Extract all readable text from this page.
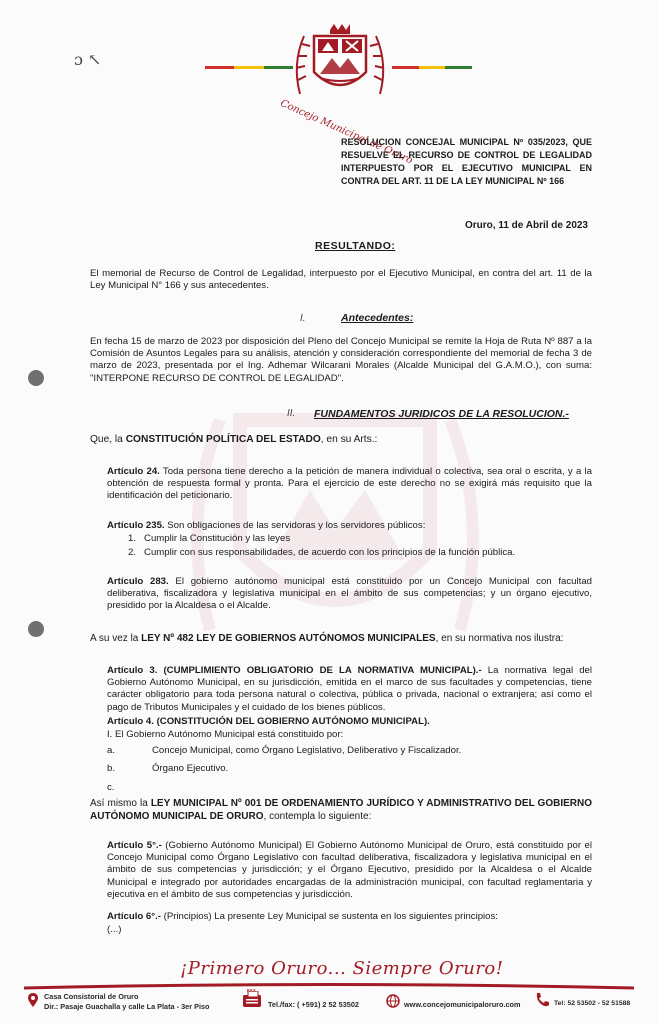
ɔ ↖
Concejo Municipal de Oruro
RESOLUCION CONCEJAL MUNICIPAL Nº 035/2023, QUE RESUELVE EL RECURSO DE CONTROL DE LEGALIDAD INTERPUESTO POR EL EJECUTIVO MUNICIPAL EN CONTRA DEL ART. 11 DE LA LEY MUNICIPAL Nº 166
Oruro, 11 de Abril de 2023
RESULTANDO:
El memorial de Recurso de Control de Legalidad, interpuesto por el Ejecutivo Municipal, en contra del art. 11 de la Ley Municipal N° 166 y sus antecedentes.
I.	Antecedentes:
En fecha 15 de marzo de 2023 por disposición del Pleno del Concejo Municipal se remite la Hoja de Ruta Nº 887 a la Comisión de Asuntos Legales para su análisis, atención y consideración correspondiente del memorial de fecha 3 de marzo de 2023, presentada por el Ing. Adhemar Wilcarani Morales (Alcalde Municipal del G.A.M.O.), con suma: "INTERPONE RECURSO DE CONTROL DE LEGALIDAD".
II. FUNDAMENTOS JURIDICOS DE LA RESOLUCION.-
Que, la CONSTITUCIÓN POLÍTICA DEL ESTADO, en su Arts.:
Artículo 24. Toda persona tiene derecho a la petición de manera individual o colectiva, sea oral o escrita, y a la obtención de respuesta formal y pronta. Para el ejercicio de este derecho no se exigirá más requisito que la identificación del peticionario.
Artículo 235. Son obligaciones de las servidoras y los servidores públicos:
1. Cumplir la Constitución y las leyes
2. Cumplir con sus responsabilidades, de acuerdo con los principios de la función pública.
Artículo 283. El gobierno autónomo municipal está constituido por un Concejo Municipal con facultad deliberativa, fiscalizadora y legislativa municipal en el ámbito de sus competencias; y un órgano ejecutivo, presidido por la Alcaldesa o el Alcalde.
A su vez la LEY Nº 482 LEY DE GOBIERNOS AUTÓNOMOS MUNICIPALES, en su normativa nos ilustra:
Artículo 3. (CUMPLIMIENTO OBLIGATORIO DE LA NORMATIVA MUNICIPAL).- La normativa legal del Gobierno Autónomo Municipal, en su jurisdicción, emitida en el marco de sus facultades y competencias, tiene carácter obligatorio para toda persona natural o colectiva, pública o privada, nacional o extranjera; así como el pago de Tributos Municipales y el cuidado de los bienes públicos.
Artículo 4. (CONSTITUCIÓN DEL GOBIERNO AUTÓNOMO MUNICIPAL).
I. El Gobierno Autónomo Municipal está constituido por:
a.	Concejo Municipal, como Órgano Legislativo, Deliberativo y Fiscalizador.
b.	Órgano Ejecutivo.
c.
Así mismo la LEY MUNICIPAL Nº 001 DE ORDENAMIENTO JURÍDICO Y ADMINISTRATIVO DEL GOBIERNO AUTÓNOMO MUNICIPAL DE ORURO, contempla lo siguiente:
Artículo 5°.- (Gobierno Autónomo Municipal) El Gobierno Autónomo Municipal de Oruro, está constituido por el Concejo Municipal como Órgano Legislativo con facultad deliberativa, fiscalizadora y legislativa municipal en el ámbito de sus competencias y jurisdicción; y el Órgano Ejecutivo, presidido por la Alcaldesa o el Alcalde Municipal e integrado por autoridades encargadas de la administración municipal, con facultad reglamentaria y ejecutiva en el ámbito de sus competencias y jurisdicción.
Artículo 6°.- (Principios) La presente Ley Municipal se sustenta en los siguientes principios:
(...)
¡Primero Oruro... Siempre Oruro!
Casa Consistorial de Oruro
Dir.: Pasaje Guachalla y calle La Plata - 3er Piso
FAX
Tel./fax: ( +591) 2 52 53502	www.concejomunicipaloruro.com	Tel: 52 53502 - 52 51588
